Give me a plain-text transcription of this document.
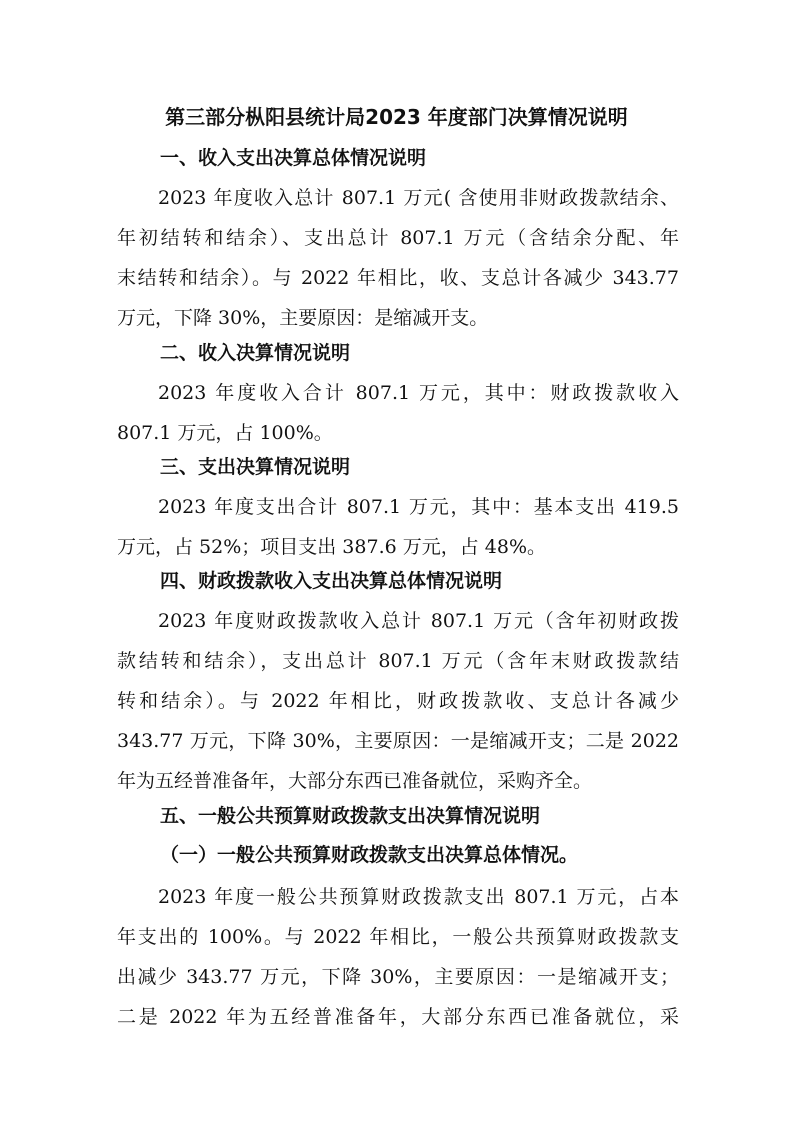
第三部分枞阳县统计局2023 年度部门决算情况说明
一、收入支出决算总体情况说明
2023 年度收入总计 807.1 万元( 含使用非财政拨款结余、
年初结转和结余）、支出总计 807.1 万元（含结余分配、年
末结转和结余）。与 2022 年相比，收、支总计各减少 343.77
万元，下降 30%，主要原因：是缩减开支。
二、收入决算情况说明
2023 年度收入合计 807.1 万元，其中：财政拨款收入
807.1 万元，占 100%。
三、支出决算情况说明
2023 年度支出合计 807.1 万元，其中：基本支出 419.5
万元，占 52%；项目支出 387.6 万元，占 48%。
四、财政拨款收入支出决算总体情况说明
2023 年度财政拨款收入总计 807.1 万元（含年初财政拨
款结转和结余），支出总计 807.1 万元（含年末财政拨款结
转和结余）。与 2022 年相比，财政拨款收、支总计各减少
343.77 万元，下降 30%，主要原因：一是缩减开支；二是 2022
年为五经普准备年，大部分东西已准备就位，采购齐全。
五、一般公共预算财政拨款支出决算情况说明
（一）一般公共预算财政拨款支出决算总体情况。
2023 年度一般公共预算财政拨款支出 807.1 万元，占本
年支出的 100%。与 2022 年相比，一般公共预算财政拨款支
出减少 343.77 万元，下降 30%，主要原因：一是缩减开支；
二是 2022 年为五经普准备年，大部分东西已准备就位，采
